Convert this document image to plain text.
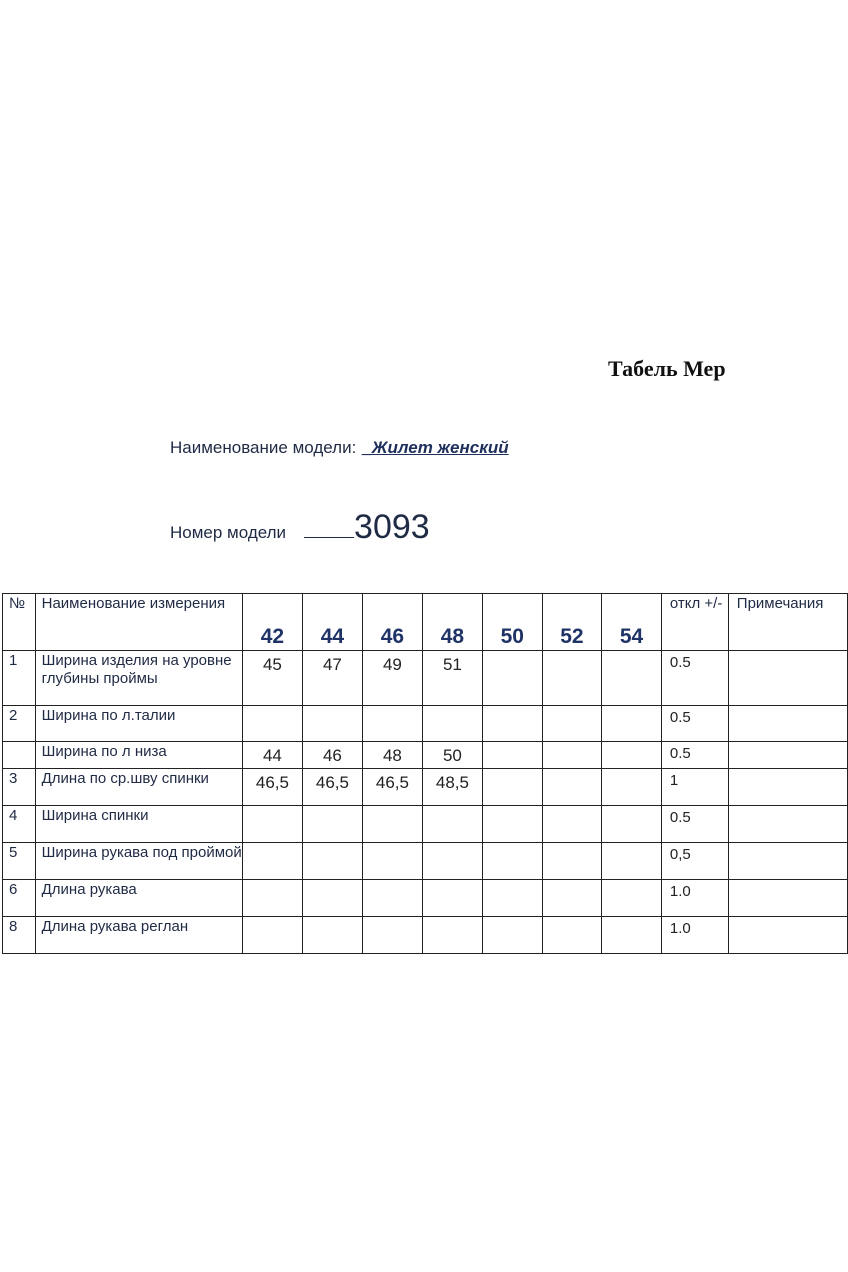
Табель Мер
Наименование модели: _Жилет женский
Номер модели 3093
№	Наименование измерения	42	44	46	48	50	52	54	откл +/-	Примечания
1	Ширина изделия на уровне глубины проймы	45	47	49	51				0.5	
2	Ширина по л.талии								0.5	
	Ширина по л низа	44	46	48	50				0.5	
3	Длина по ср.шву спинки	46,5	46,5	46,5	48,5				1	
4	Ширина спинки								0.5	
5	Ширина рукава под проймой								0,5	
6	Длина рукава								1.0	
8	Длина рукава реглан								1.0	
